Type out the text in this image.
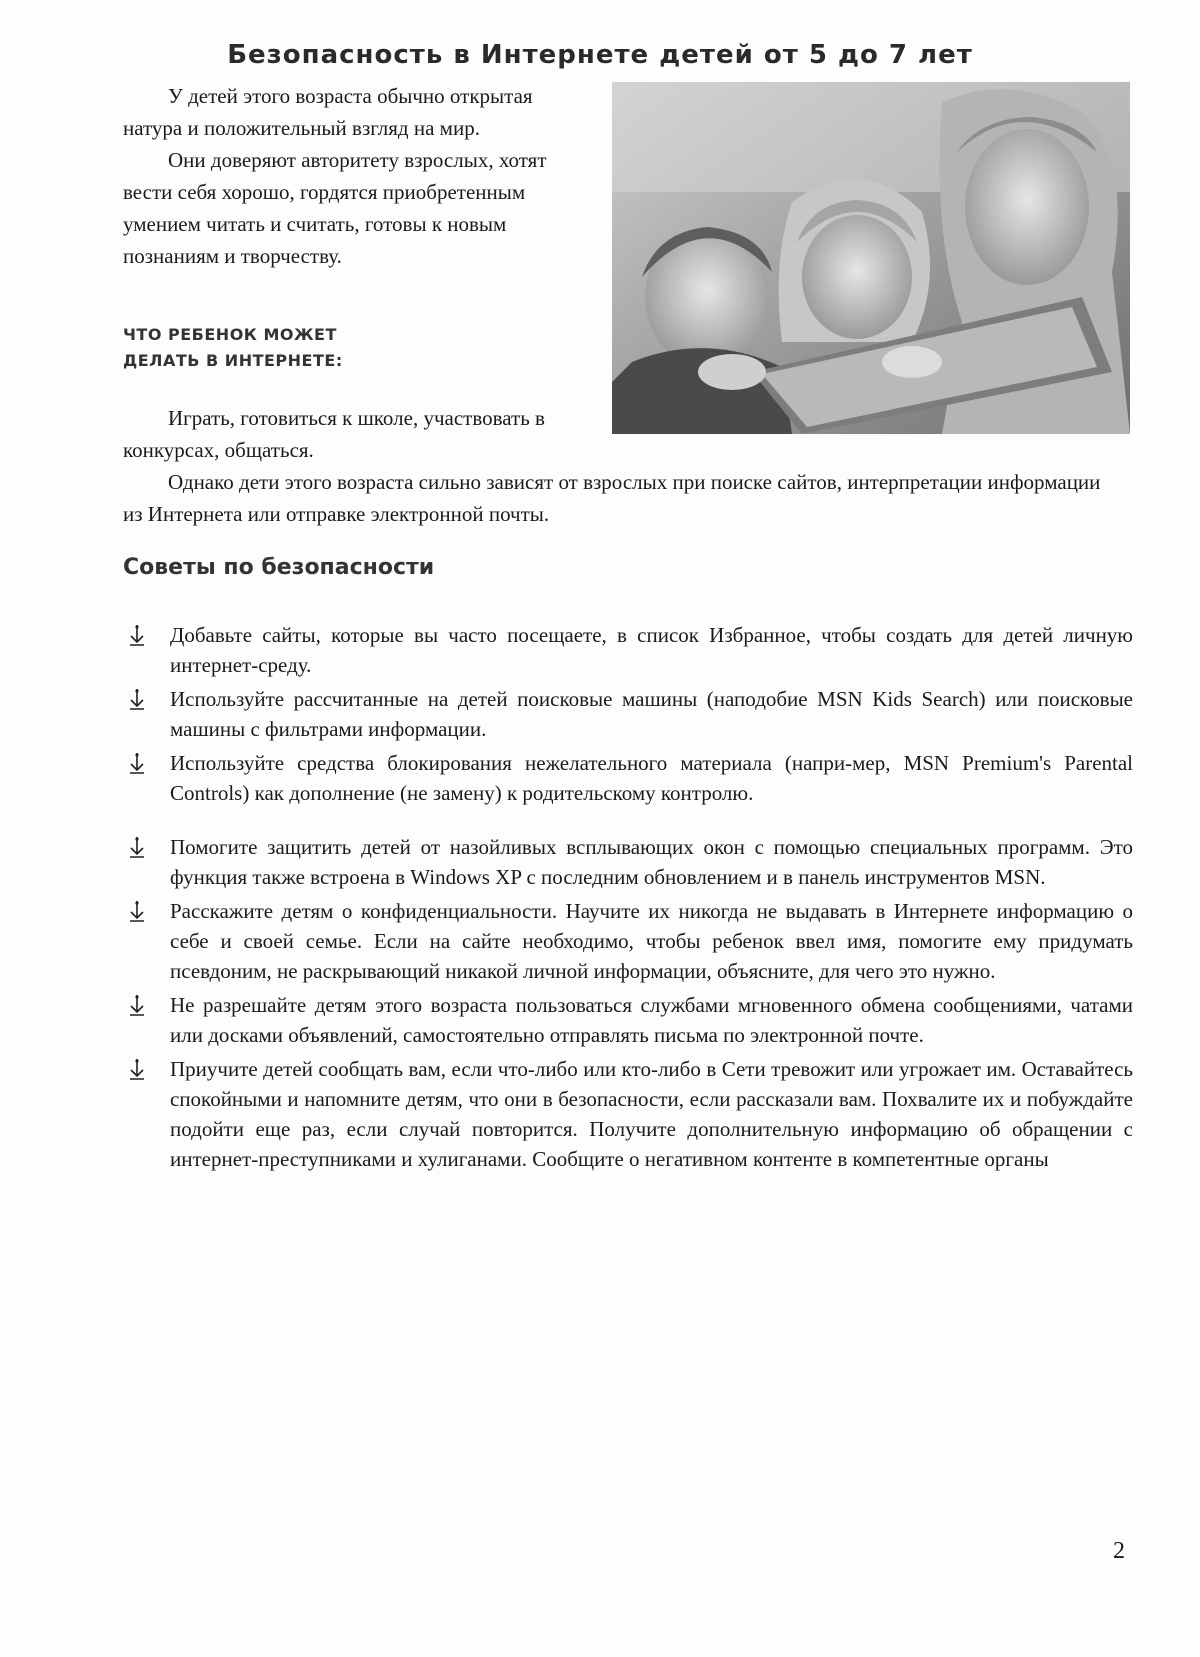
Безопасность в Интернете детей от 5 до 7 лет

У детей этого возраста обычно открытая натура и положительный взгляд на мир.

Они доверяют авторитету взрослых, хотят вести себя хорошо, гордятся приобретенным умением читать и считать, готовы к новым познаниям и творчеству.

ЧТО РЕБЕНОК МОЖЕТ
ДЕЛАТЬ В ИНТЕРНЕТЕ:

Играть, готовиться к школе, участвовать в конкурсах, общаться.

Однако дети этого возраста сильно зависят от взрослых при поиске сайтов, интерпретации информации из Интернета или отправке электронной почты.

Советы по безопасности
Добавьте сайты, которые вы часто посещаете, в список Избранное, чтобы создать для детей личную интернет-среду.
Используйте рассчитанные на детей поисковые машины (наподобие MSN Kids Search) или поисковые машины с фильтрами информации.
Используйте средства блокирования нежелательного материала (напри-мер, MSN Premium's Parental Controls) как дополнение (не замену) к родительскому контролю.
Помогите защитить детей от назойливых всплывающих окон с помощью специальных программ. Это функция также встроена в Windows XP с последним обновлением и в панель инструментов MSN.
Расскажите детям о конфиденциальности. Научите их никогда не выдавать в Интернете информацию о себе и своей семье. Если на сайте необходимо, чтобы ребенок ввел имя, помогите ему придумать псевдоним, не раскрывающий никакой личной информации, объясните, для чего это нужно.
Не разрешайте детям этого возраста пользоваться службами мгновенного обмена сообщениями, чатами или досками объявлений, самостоятельно отправлять письма по электронной почте.
Приучите детей сообщать вам, если что-либо или кто-либо в Сети тревожит или угрожает им. Оставайтесь спокойными и напомните детям, что они в безопасности, если рассказали вам. Похвалите их и побуждайте подойти еще раз, если случай повторится. Получите дополнительную информацию об обращении с интернет-преступниками и хулиганами. Сообщите о негативном контенте в компетентные органы
2
